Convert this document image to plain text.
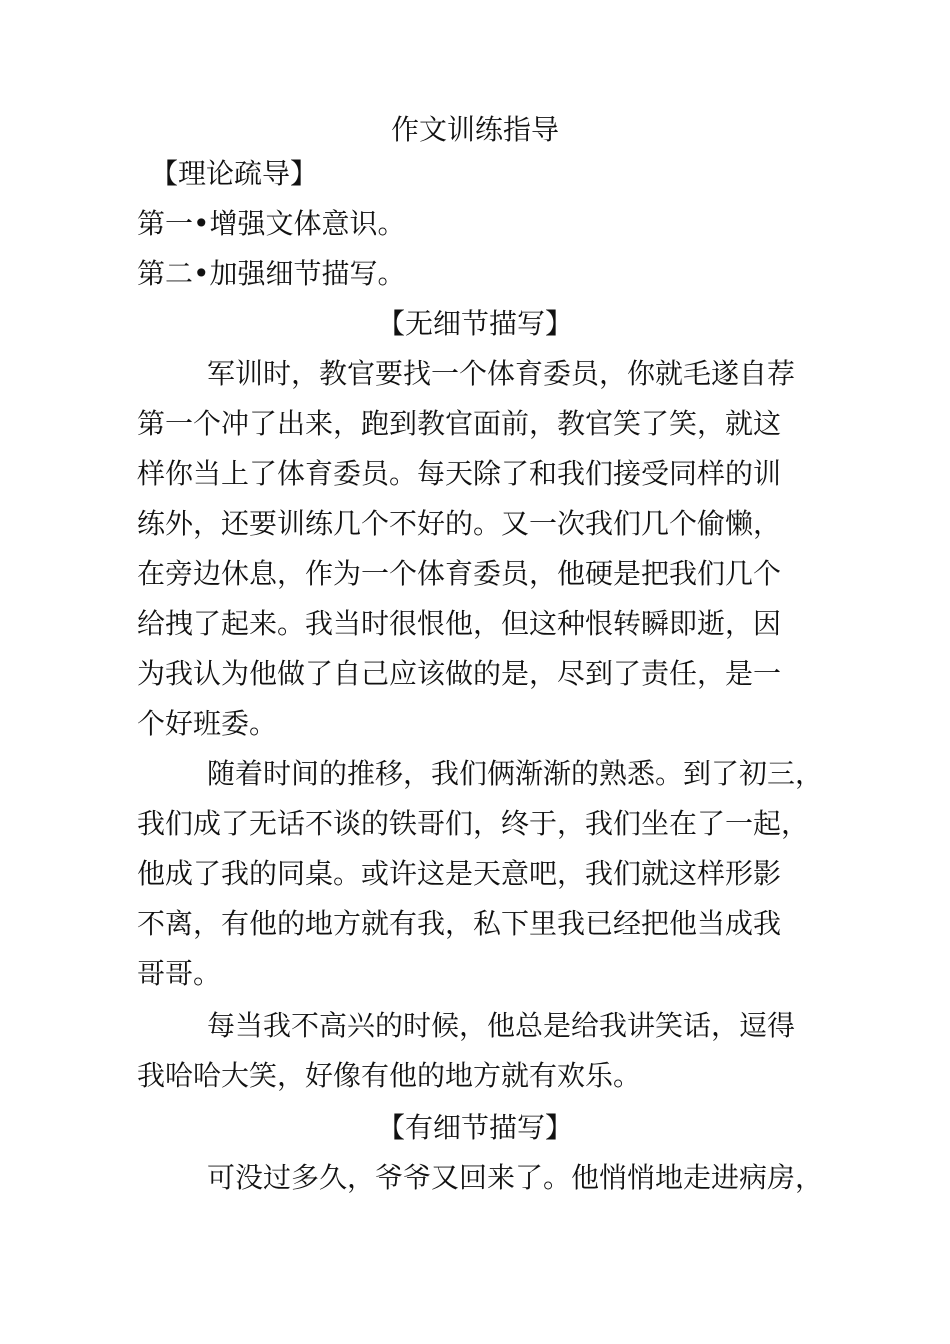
作文训练指导
【理论疏导】
第一•增强文体意识。
第二•加强细节描写。
【无细节描写】
军训时，教官要找一个体育委员，你就毛遂自荐
第一个冲了出来，跑到教官面前，教官笑了笑，就这
样你当上了体育委员。每天除了和我们接受同样的训
练外，还要训练几个不好的。又一次我们几个偷懒，
在旁边休息，作为一个体育委员，他硬是把我们几个
给拽了起来。我当时很恨他，但这种恨转瞬即逝，因
为我认为他做了自己应该做的是，尽到了责任，是一
个好班委。
随着时间的推移，我们俩渐渐的熟悉。到了初三，
我们成了无话不谈的铁哥们，终于，我们坐在了一起，
他成了我的同桌。或许这是天意吧，我们就这样形影
不离，有他的地方就有我，私下里我已经把他当成我
哥哥。
每当我不高兴的时候，他总是给我讲笑话，逗得
我哈哈大笑，好像有他的地方就有欢乐。
【有细节描写】
可没过多久，爷爷又回来了。他悄悄地走进病房，
